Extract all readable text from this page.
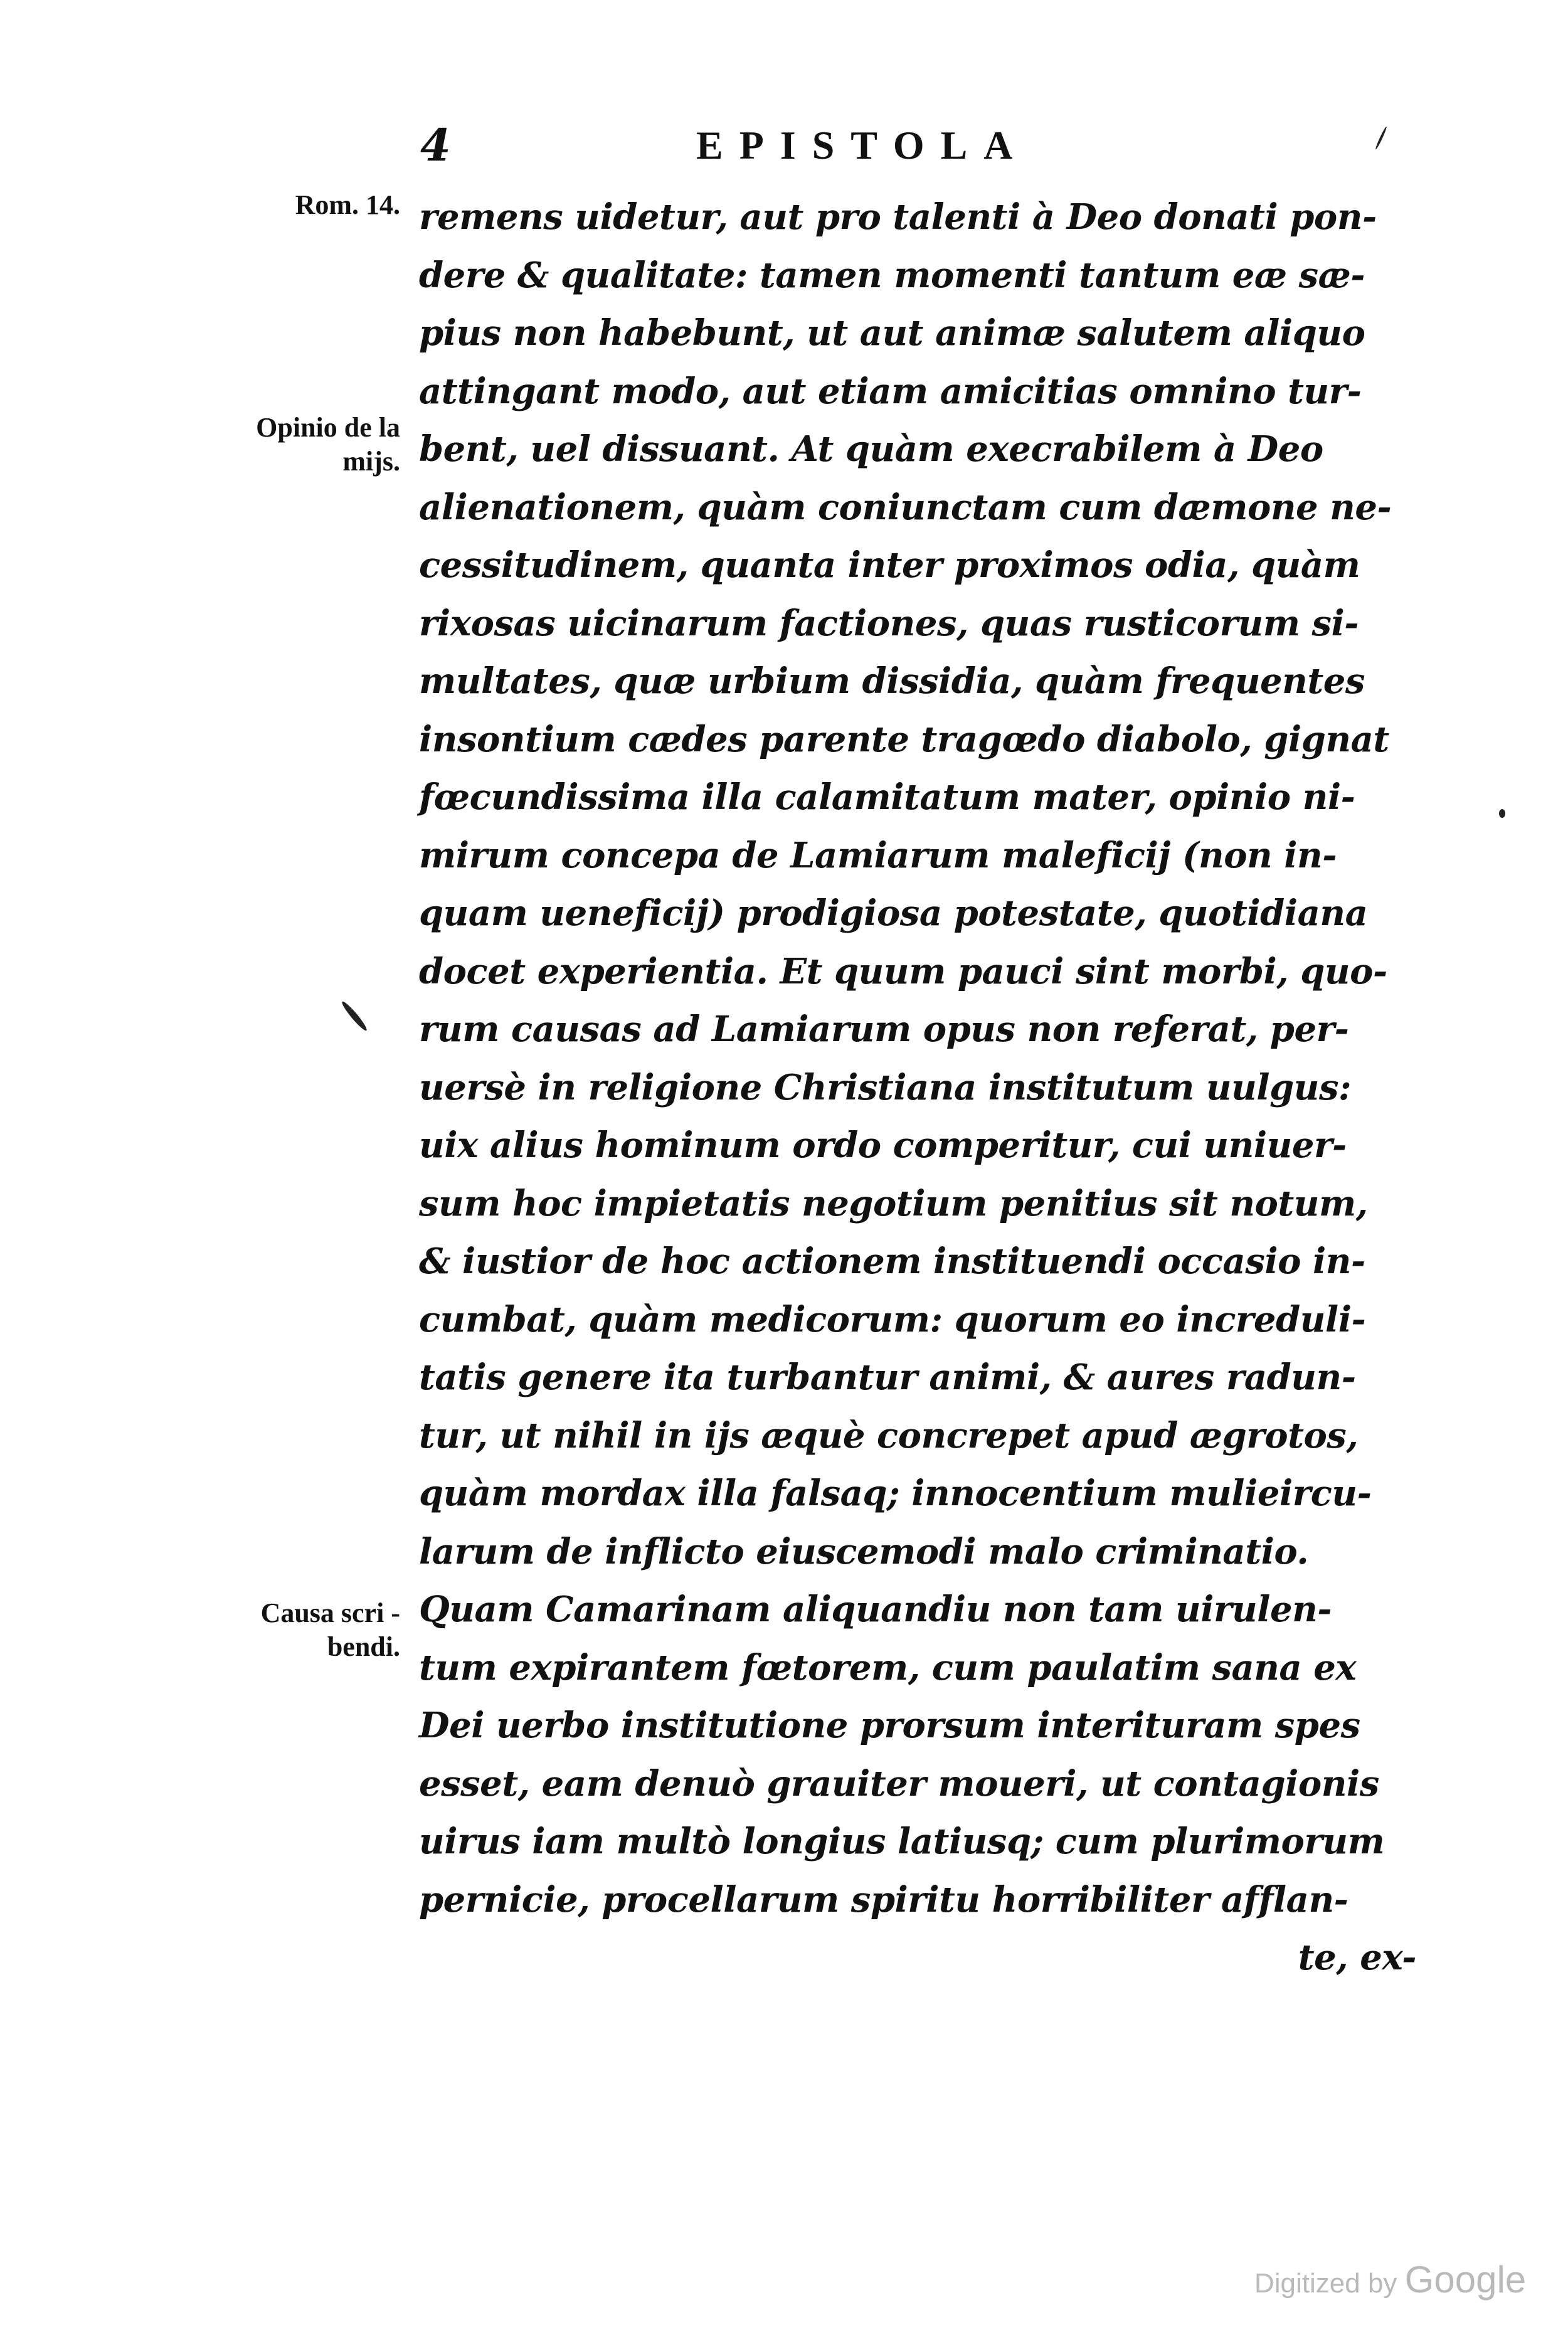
4	EPISTOLA
Rom. 14.
Opinio de la
mijs.
Causa scri -
bendi.
remens uidetur, aut pro talenti à Deo donati pon-
dere & qualitate: tamen momenti tantum eæ sæ-
pius non habebunt, ut aut animæ salutem aliquo
attingant modo, aut etiam amicitias omnino tur-
bent, uel dissuant. At quàm execrabilem à Deo
alienationem, quàm coniunctam cum dæmone ne-
cessitudinem, quanta inter proximos odia, quàm
rixosas uicinarum factiones, quas rusticorum si-
multates, quæ urbium dissidia, quàm frequentes
insontium cædes parente tragœdo diabolo, gignat
fœcundissima illa calamitatum mater, opinio ni-
mirum concepa de Lamiarum maleficij (non in-
quam ueneficij) prodigiosa potestate, quotidiana
docet experientia. Et quum pauci sint morbi, quo-
rum causas ad Lamiarum opus non referat, per-
uersè in religione Christiana institutum uulgus:
uix alius hominum ordo comperitur, cui uniuer-
sum hoc impietatis negotium penitius sit notum,
& iustior de hoc actionem instituendi occasio in-
cumbat, quàm medicorum: quorum eo increduli-
tatis genere ita turbantur animi, & aures radun-
tur, ut nihil in ijs æquè concrepet apud ægrotos,
quàm mordax illa falsaq; innocentium mulieircu-
larum de inflicto eiuscemodi malo criminatio.
Quam Camarinam aliquandiu non tam uirulen-
tum expirantem fœtorem, cum paulatim sana ex
Dei uerbo institutione prorsum interituram spes
esset, eam denuò grauiter moueri, ut contagionis
uirus iam multò longius latiusq; cum plurimorum
pernicie, procellarum spiritu horribiliter afflan-
te, ex-
Digitized by Google
